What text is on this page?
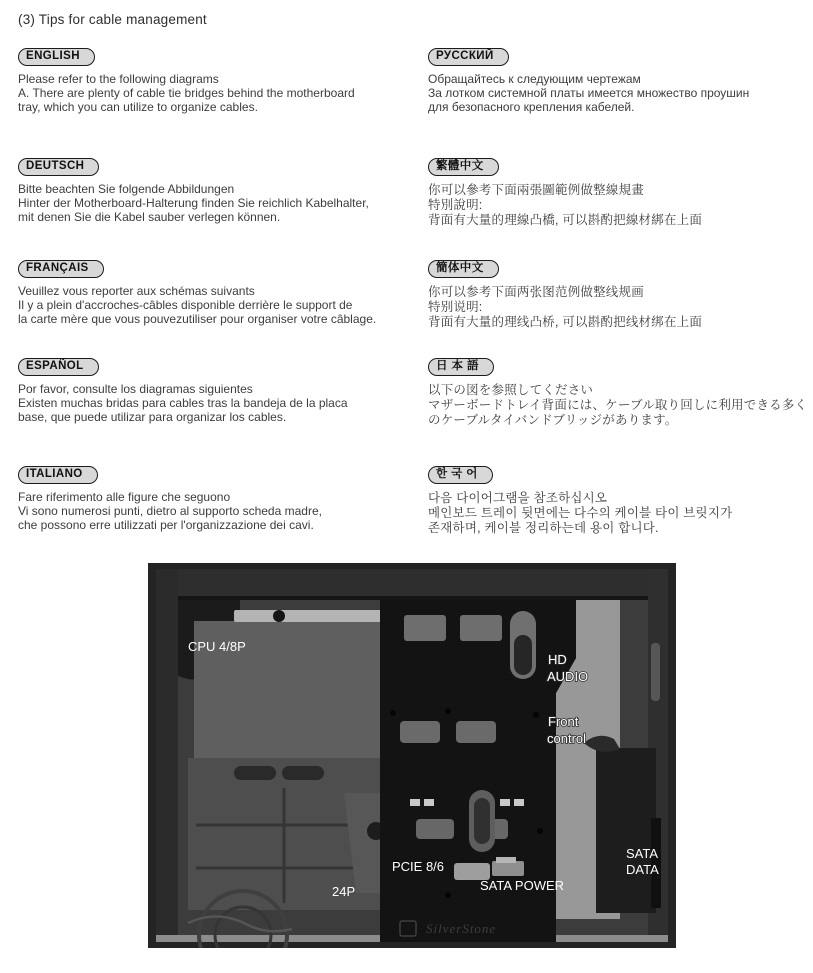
(3) Tips for cable management
ENGLISH
Please refer to the following diagrams
A. There are plenty of cable tie bridges behind the motherboard
tray, which you can utilize to organize cables.
РУССКИЙ
Обращайтесь к следующим чертежам
За лотком системной платы имеется множество проушин
для безопасного крепления кабелей.
DEUTSCH
Bitte beachten Sie folgende Abbildungen
Hinter der Motherboard-Halterung finden Sie reichlich Kabelhalter,
mit denen Sie die Kabel sauber verlegen können.
繁體中文
你可以參考下面兩張圖範例做整線規畫
特別說明:
背面有大量的理線凸橋, 可以斟酌把線材綁在上面
FRANÇAIS
Veuillez vous reporter aux schémas suivants
Il y a plein d'accroches-câbles disponible derrière le support de
la carte mère que vous pouvezutiliser pour organiser votre câblage.
簡体中文
你可以参考下面两张图范例做整线规画
特别说明:
背面有大量的理线凸桥, 可以斟酌把线材绑在上面
ESPAÑOL
Por favor, consulte los diagramas siguientes
Existen muchas bridas para cables tras la bandeja de la placa
base, que puede utilizar para organizar los cables.
日 本 語
以下の図を参照してください
マザーボードトレイ背面には、ケーブル取り回しに利用できる多く
のケーブルタイバンドブリッジがあります。
ITALIANO
Fare riferimento alle figure che seguono
Vi sono numerosi punti, dietro al supporto scheda madre,
che possono erre utilizzati per l'organizzazione dei cavi.
한 국 어
다음 다이어그램을 참조하십시오
메인보드 트레이 뒷면에는 다수의 케이블 타이 브릿지가
존재하며, 케이블 정리하는데 용이 합니다.
SilverStone
CPU 4/8P
HD
AUDIO
Front
control
PCIE 8/6
SATA POWER
24P
SATA
DATA
